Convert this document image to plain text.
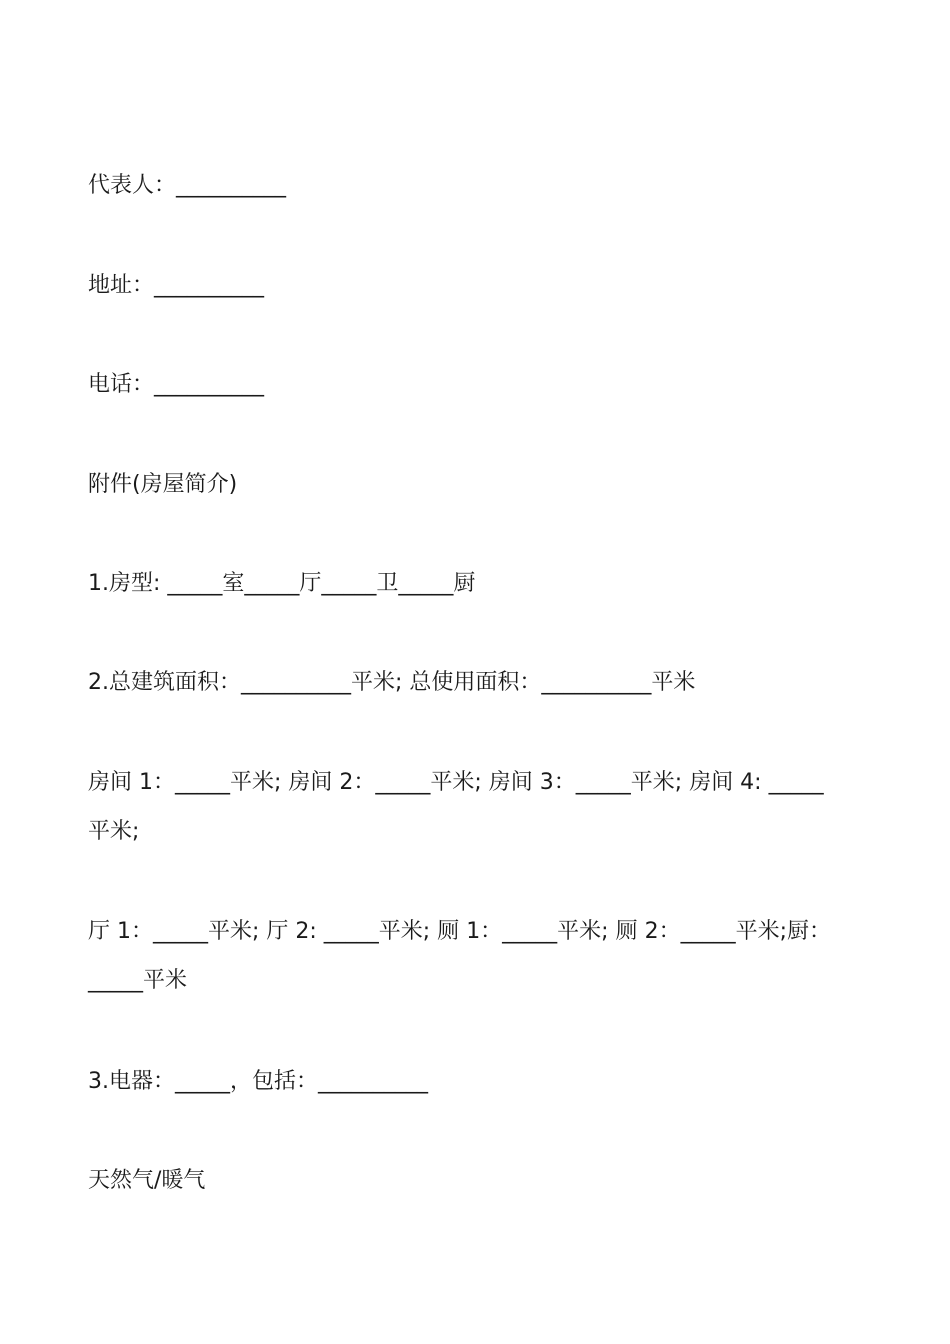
代表人：__________

地址：__________

电话：__________

附件(房屋简介)

1.房型: _____室_____厅_____卫_____厨

2.总建筑面积：__________平米; 总使用面积：__________平米

房间 1：_____平米; 房间 2：_____平米; 房间 3：_____平米; 房间 4: _____
平米;

厅 1：_____平米; 厅 2: _____平米; 厕 1：_____平米; 厕 2：_____平米;厨：
_____平米

3.电器：_____，包括：__________

天然气/暖气
